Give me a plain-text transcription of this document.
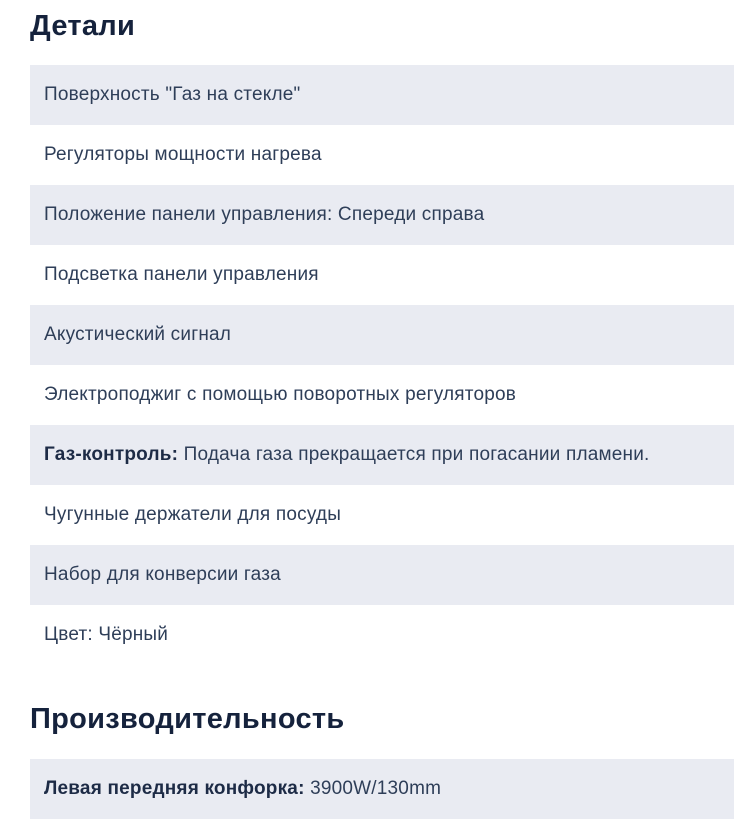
Детали
Поверхность "Газ на стекле"
Регуляторы мощности нагрева
Положение панели управления: Спереди справа
Подсветка панели управления
Акустический сигнал
Электроподжиг с помощью поворотных регуляторов
Газ-контроль:
Подача газа прекращается при погасании пламени.
Чугунные держатели для посуды
Набор для конверсии газа
Цвет: Чёрный
Производительность
Левая передняя конфорка:
3900W/130mm
